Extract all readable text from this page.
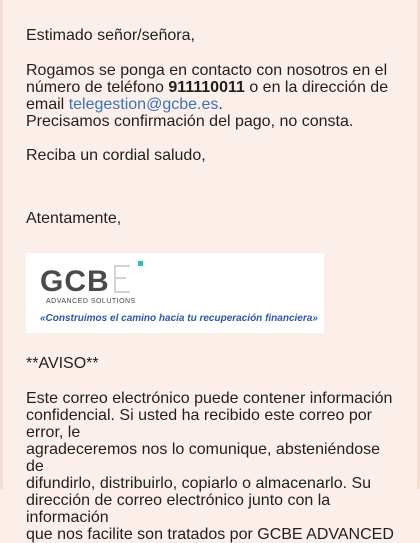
Estimado señor/señora,

Rogamos se ponga en contacto con nosotros en el
número de teléfono 911110011 o en la dirección de
email telegestion@gcbe.es.
Precisamos confirmación del pago, no consta.

Reciba un cordial saludo,

Atentamente,

GCB
ADVANCED SOLUTIONS
«Construimos el camino hacia tu recuperación financiera»

**AVISO**

Este correo electrónico puede contener información
confidencial. Si usted ha recibido este correo por error, le
agradeceremos nos lo comunique, absteniéndose de
difundirlo, distribuirlo, copiarlo o almacenarlo. Su
dirección de correo electrónico junto con la información
que nos facilite son tratados por GCBE ADVANCED
